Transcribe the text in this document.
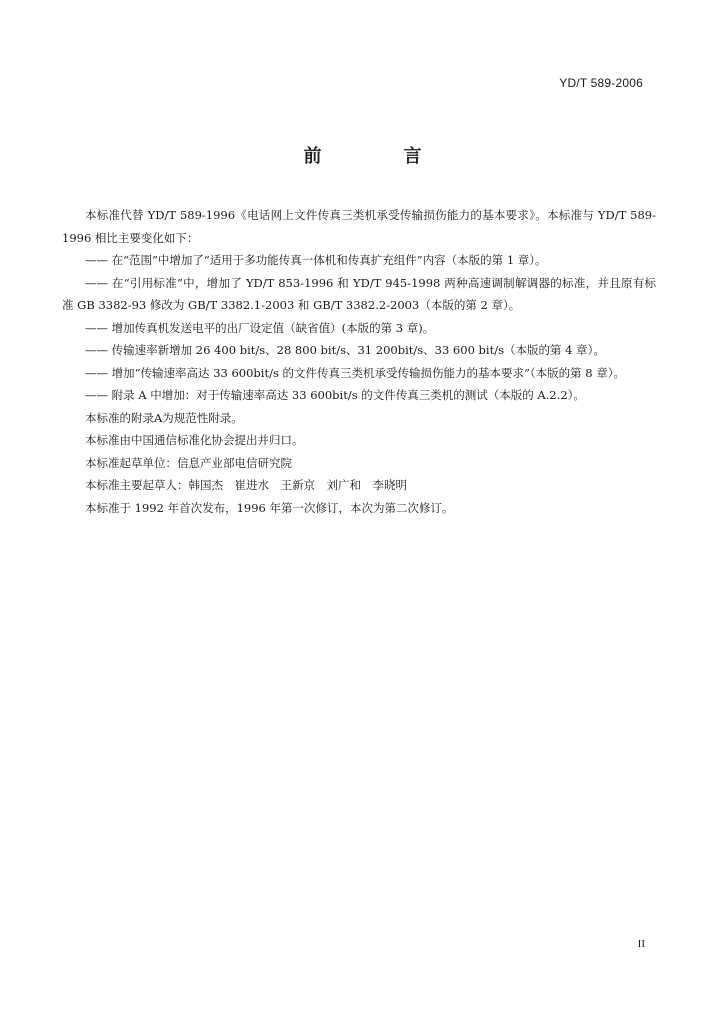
YD/T 589-2006
前　言

本标准代替 YD/T 589-1996《电话网上文件传真三类机承受传输损伤能力的基本要求》。本标准与 YD/T 589-1996 相比主要变化如下：

—— 在“范围”中增加了“适用于多功能传真一体机和传真扩充组件”内容（本版的第 1 章）。

—— 在“引用标准”中，增加了 YD/T 853-1996 和 YD/T 945-1998 两种高速调制解调器的标准，并且原有标准 GB 3382-93 修改为 GB/T 3382.1-2003 和 GB/T 3382.2-2003（本版的第 2 章）。

—— 增加传真机发送电平的出厂设定值（缺省值）(本版的第 3 章)。

—— 传输速率新增加 26 400 bit/s、28 800 bit/s、31 200bit/s、33 600 bit/s（本版的第 4 章）。

—— 增加“传输速率高达 33 600bit/s 的文件传真三类机承受传输损伤能力的基本要求”（本版的第 8 章）。

—— 附录 A 中增加：对于传输速率高达 33 600bit/s 的文件传真三类机的测试（本版的 A.2.2）。

本标准的附录A为规范性附录。

本标准由中国通信标准化协会提出并归口。

本标准起草单位：信息产业部电信研究院

本标准主要起草人：韩国杰　崔进水　王新京　刘广和　李晓明

本标准于 1992 年首次发布，1996 年第一次修订，本次为第二次修订。

II
